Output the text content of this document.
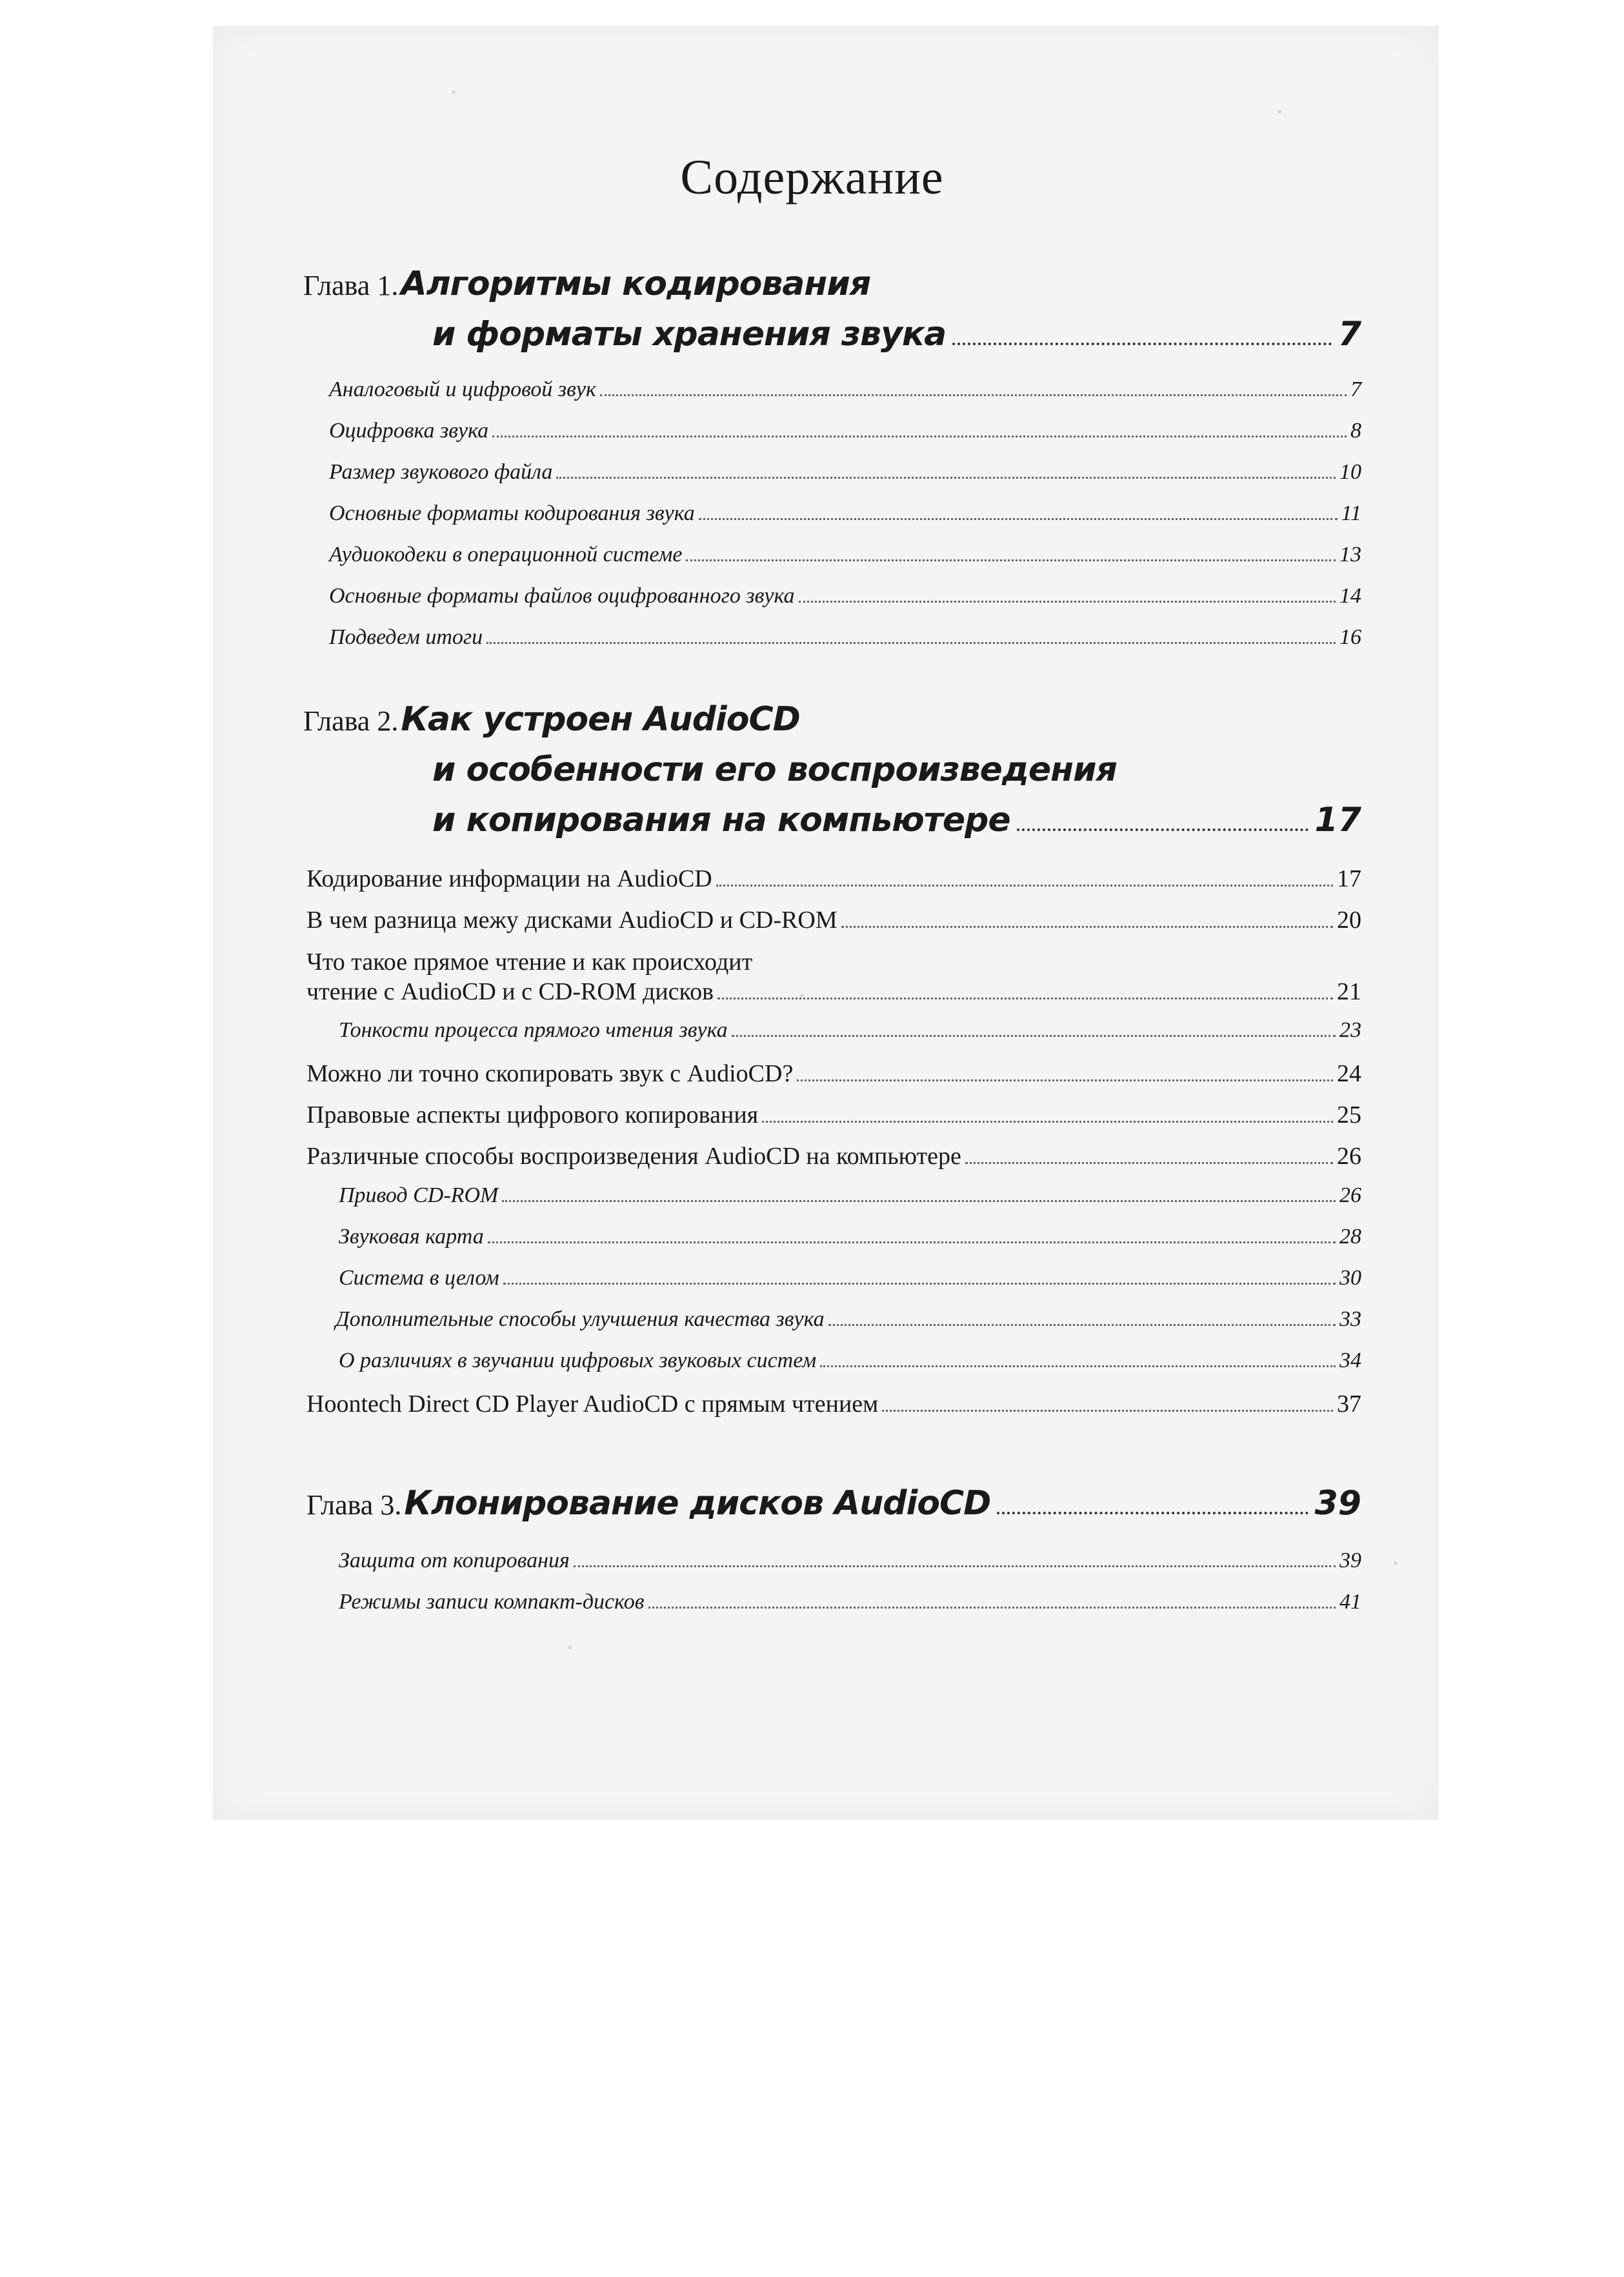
Содержание
Глава 1.
Алгоритмы кодирования
и форматы хранения звука	7
Аналоговый и цифровой звук	7
Оцифровка звука	8
Размер звукового файла	10
Основные форматы кодирования звука	11
Аудиокодеки в операционной системе	13
Основные форматы файлов оцифрованного звука	14
Подведем итоги	16
Глава 2.
Как устроен AudioCD
и особенности его воспроизведения
и копирования на компьютере	17
Кодирование информации на AudioCD	17
В чем разница межу дисками AudioCD и CD-ROM	20
Что такое прямое чтение и как происходит
чтение с AudioCD и с CD-ROM дисков	21
Тонкости процесса прямого чтения звука	23
Можно ли точно скопировать звук с AudioCD?	24
Правовые аспекты цифрового копирования	25
Различные способы воспроизведения AudioCD на компьютере	26
Привод CD-ROM	26
Звуковая карта	28
Система в целом	30
Дополнительные способы улучшения качества звука	33
О различиях в звучании цифровых звуковых систем	34
Hoontech Direct CD Player AudioCD с прямым чтением	37
Глава 3.
Клонирование дисков AudioCD	39
Защита от копирования	39
Режимы записи компакт-дисков	41
